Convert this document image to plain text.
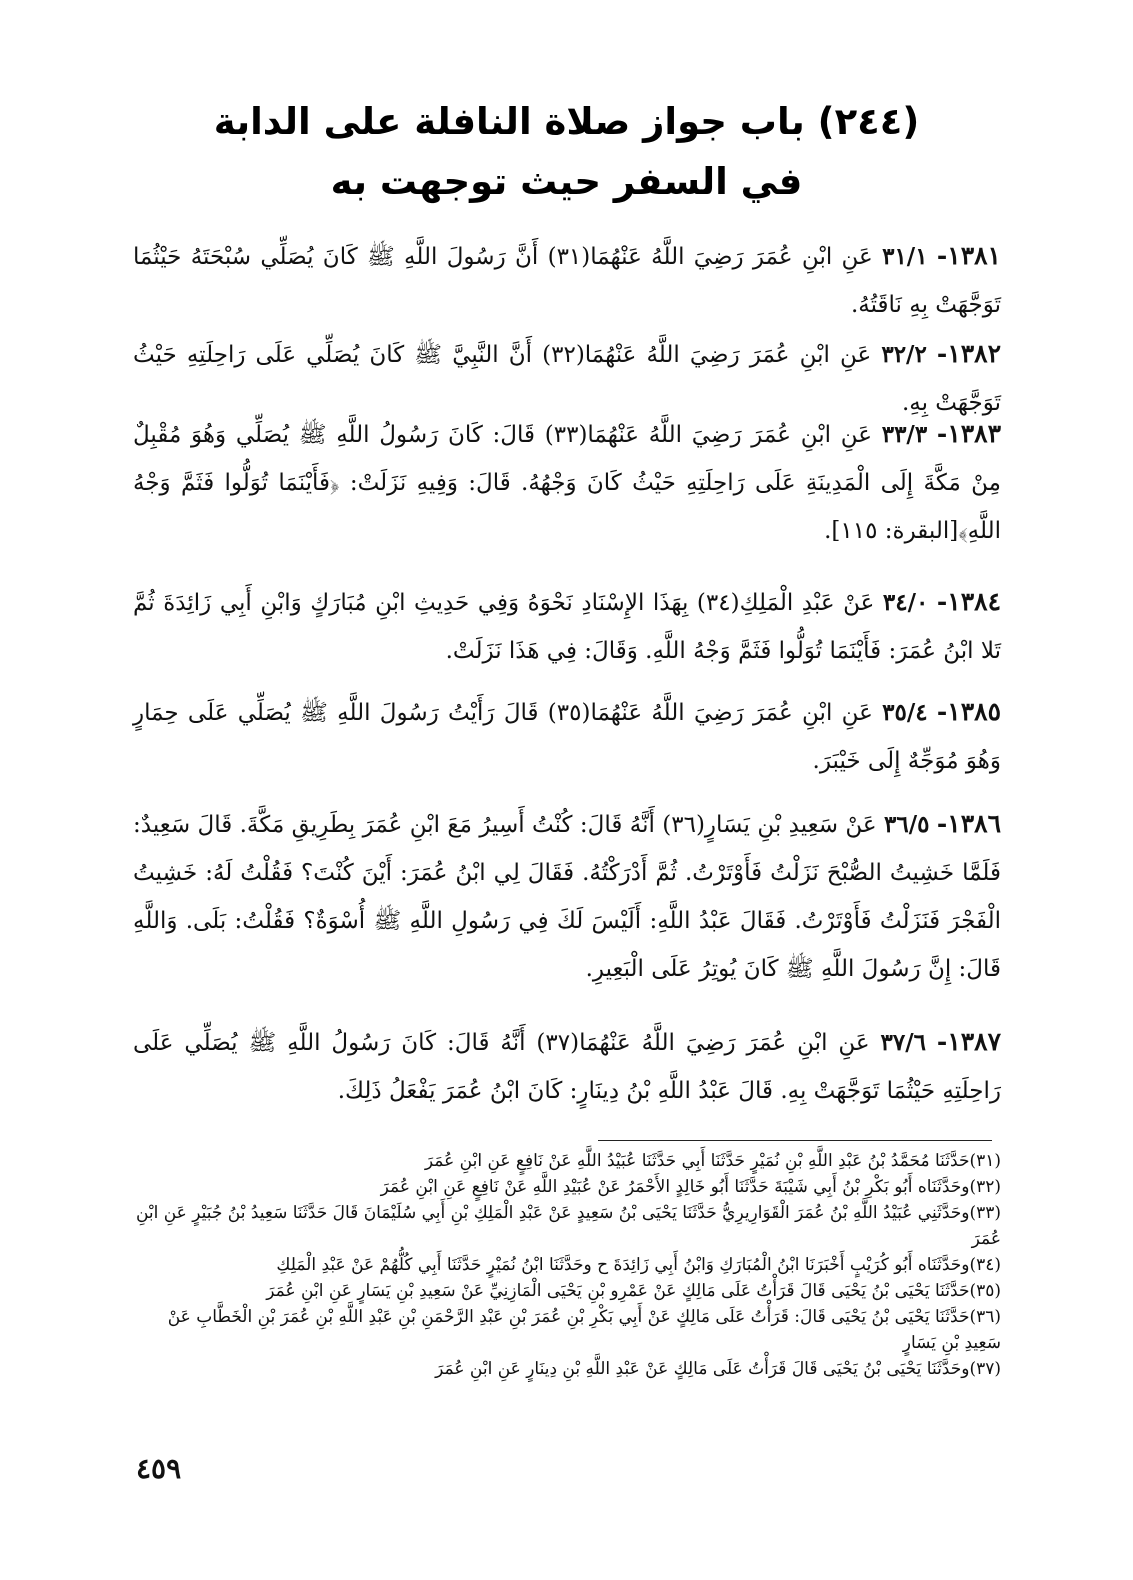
(٢٤٤) باب جواز صلاة النافلة على الدابة
في السفر حيث توجهت به
١٣٨١- ٣١/١ عَنِ ابْنِ عُمَرَ رَضِيَ اللَّهُ عَنْهُمَا(٣١) أَنَّ رَسُولَ اللَّهِ ﷺ كَانَ يُصَلِّي سُبْحَتَهُ حَيْثُمَا تَوَجَّهَتْ بِهِ نَاقَتُهُ.
١٣٨٢- ٣٢/٢ عَنِ ابْنِ عُمَرَ رَضِيَ اللَّهُ عَنْهُمَا(٣٢) أَنَّ النَّبِيَّ ﷺ كَانَ يُصَلِّي عَلَى رَاحِلَتِهِ حَيْثُ تَوَجَّهَتْ بِهِ.
١٣٨٣- ٣٣/٣ عَنِ ابْنِ عُمَرَ رَضِيَ اللَّهُ عَنْهُمَا(٣٣) قَالَ: كَانَ رَسُولُ اللَّهِ ﷺ يُصَلِّي وَهُوَ مُقْبِلٌ مِنْ مَكَّةَ إِلَى الْمَدِينَةِ عَلَى رَاحِلَتِهِ حَيْثُ كَانَ وَجْهُهُ. قَالَ: وَفِيهِ نَزَلَتْ: ﴿فَأَيْنَمَا تُوَلُّوا فَثَمَّ وَجْهُ اللَّهِ﴾[البقرة: ١١٥].
١٣٨٤- ٣٤/٠ عَنْ عَبْدِ الْمَلِكِ(٣٤) بِهَذَا الإِسْنَادِ نَحْوَهُ وَفِي حَدِيثِ ابْنِ مُبَارَكٍ وَابْنِ أَبِي زَائِدَةَ ثُمَّ تَلا ابْنُ عُمَرَ: فَأَيْنَمَا تُوَلُّوا فَثَمَّ وَجْهُ اللَّهِ. وَقَالَ: فِي هَذَا نَزَلَتْ.
١٣٨٥- ٣٥/٤ عَنِ ابْنِ عُمَرَ رَضِيَ اللَّهُ عَنْهُمَا(٣٥) قَالَ رَأَيْتُ رَسُولَ اللَّهِ ﷺ يُصَلِّي عَلَى حِمَارٍ وَهُوَ مُوَجِّهٌ إِلَى خَيْبَرَ.
١٣٨٦- ٣٦/٥ عَنْ سَعِيدِ بْنِ يَسَارٍ(٣٦) أَنَّهُ قَالَ: كُنْتُ أَسِيرُ مَعَ ابْنِ عُمَرَ بِطَرِيقِ مَكَّةَ. قَالَ سَعِيدٌ: فَلَمَّا خَشِيتُ الصُّبْحَ نَزَلْتُ فَأَوْتَرْتُ. ثُمَّ أَدْرَكْتُهُ. فَقَالَ لِي ابْنُ عُمَرَ: أَيْنَ كُنْتَ؟ فَقُلْتُ لَهُ: خَشِيتُ الْفَجْرَ فَنَزَلْتُ فَأَوْتَرْتُ. فَقَالَ عَبْدُ اللَّهِ: أَلَيْسَ لَكَ فِي رَسُولِ اللَّهِ ﷺ أُسْوَةٌ؟ فَقُلْتُ: بَلَى. وَاللَّهِ قَالَ: إِنَّ رَسُولَ اللَّهِ ﷺ كَانَ يُوتِرُ عَلَى الْبَعِيرِ.
١٣٨٧- ٣٧/٦ عَنِ ابْنِ عُمَرَ رَضِيَ اللَّهُ عَنْهُمَا(٣٧) أَنَّهُ قَالَ: كَانَ رَسُولُ اللَّهِ ﷺ يُصَلِّي عَلَى رَاحِلَتِهِ حَيْثُمَا تَوَجَّهَتْ بِهِ. قَالَ عَبْدُ اللَّهِ بْنُ دِينَارٍ: كَانَ ابْنُ عُمَرَ يَفْعَلُ ذَلِكَ.

(٣١)حَدَّثَنَا مُحَمَّدُ بْنُ عَبْدِ اللَّهِ بْنِ نُمَيْرٍ حَدَّثَنَا أَبِي حَدَّثَنَا عُبَيْدُ اللَّهِ عَنْ نَافِعٍ عَنِ ابْنِ عُمَرَ

(٣٢)وحَدَّثَنَاه أَبُو بَكْرِ بْنُ أَبِي شَيْبَةَ حَدَّثَنَا أَبُو خَالِدٍ الأَحْمَرُ عَنْ عُبَيْدِ اللَّهِ عَنْ نَافِعٍ عَنِ ابْنِ عُمَرَ

(٣٣)وحَدَّثَنِي عُبَيْدُ اللَّهِ بْنُ عُمَرَ الْقَوَارِيرِيُّ حَدَّثَنَا يَحْيَى بْنُ سَعِيدٍ عَنْ عَبْدِ الْمَلِكِ بْنِ أَبِي سُلَيْمَانَ قَالَ حَدَّثَنَا سَعِيدُ بْنُ جُبَيْرٍ عَنِ ابْنِ عُمَرَ

(٣٤)وحَدَّثَنَاه أَبُو كُرَيْبٍ أَخْبَرَنَا ابْنُ الْمُبَارَكِ وَابْنُ أَبِي زَائِدَةَ ح وحَدَّثَنَا ابْنُ نُمَيْرٍ حَدَّثَنَا أَبِي كُلُّهُمْ عَنْ عَبْدِ الْمَلِكِ

(٣٥)حَدَّثَنَا يَحْيَى بْنُ يَحْيَى قَالَ قَرَأْتُ عَلَى مَالِكٍ عَنْ عَمْرِو بْنِ يَحْيَى الْمَازِنِيِّ عَنْ سَعِيدِ بْنِ يَسَارٍ عَنِ ابْنِ عُمَرَ

(٣٦)حَدَّثَنَا يَحْيَى بْنُ يَحْيَى قَالَ: قَرَأْتُ عَلَى مَالِكٍ عَنْ أَبِي بَكْرِ بْنِ عُمَرَ بْنِ عَبْدِ الرَّحْمَنِ بْنِ عَبْدِ اللَّهِ بْنِ عُمَرَ بْنِ الْخَطَّابِ عَنْ سَعِيدِ بْنِ يَسَارٍ

(٣٧)وحَدَّثَنَا يَحْيَى بْنُ يَحْيَى قَالَ قَرَأْتُ عَلَى مَالِكٍ عَنْ عَبْدِ اللَّهِ بْنِ دِينَارٍ عَنِ ابْنِ عُمَرَ

٤٥٩
